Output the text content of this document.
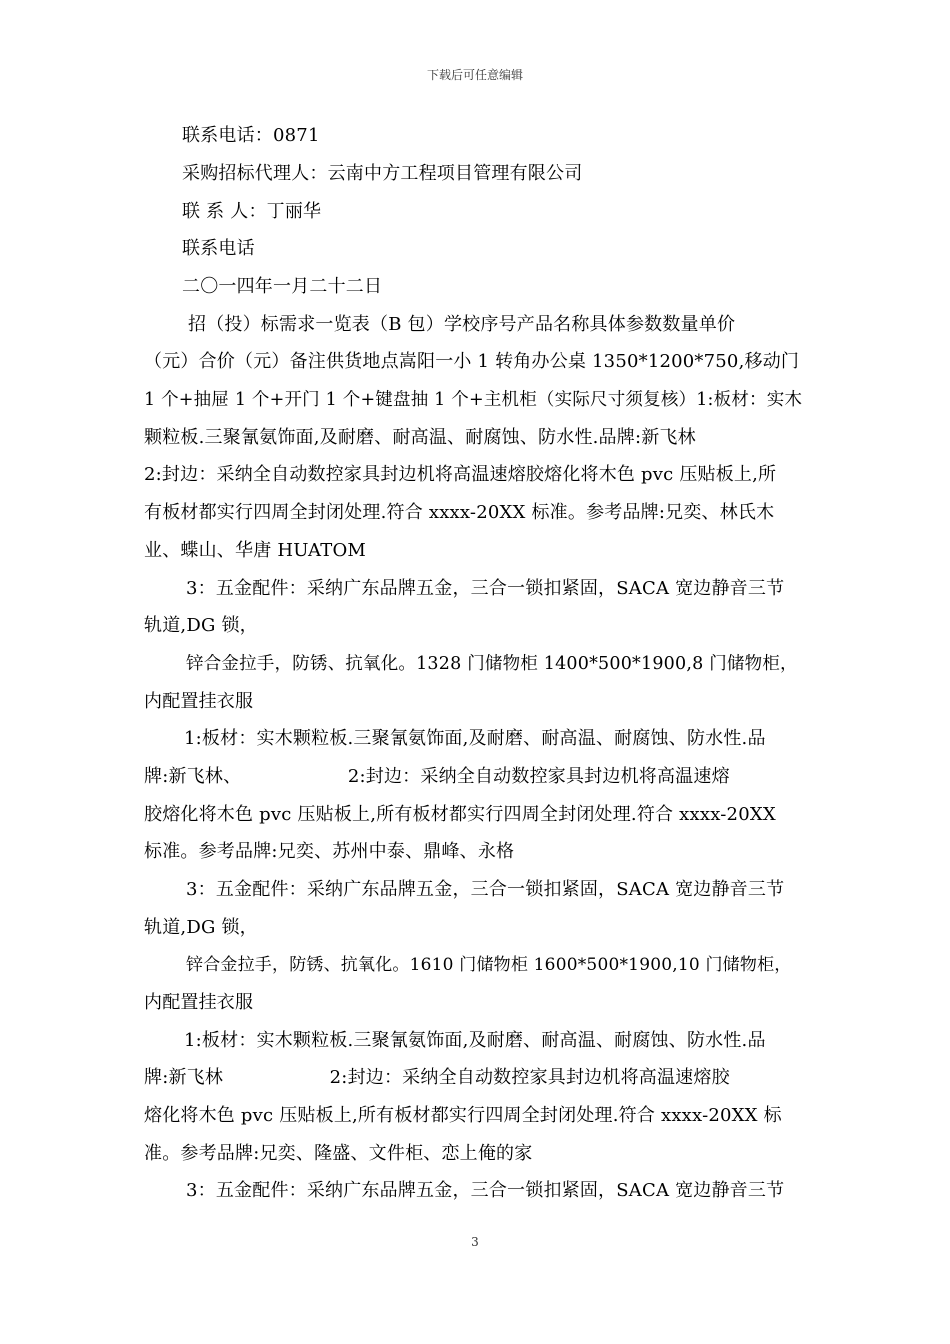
下载后可任意编辑
联系电话：0871
采购招标代理人：云南中方工程项目管理有限公司
联 系 人：丁丽华
联系电话
二〇一四年一月二十二日
招（投）标需求一览表（B 包）学校序号产品名称具体参数数量单价
（元）合价（元）备注供货地点嵩阳一小 1 转角办公桌 1350*1200*750,移动门
1 个+抽屉 1 个+开门 1 个+键盘抽 1 个+主机柜（实际尺寸须复核）1:板材：实木
颗粒板.三聚氰氨饰面,及耐磨、耐高温、耐腐蚀、防水性.品牌:新飞林
2:封边：采纳全自动数控家具封边机将高温速熔胶熔化将木色 pvc 压贴板上,所
有板材都实行四周全封闭处理.符合 xxxx-20XX 标准。参考品牌:兄奕、林氏木
业、蝶山、华唐 HUATOM
3：五金配件：采纳广东品牌五金，三合一锁扣紧固，SACA 宽边静音三节
轨道,DG 锁，
锌合金拉手，防锈、抗氧化。1328 门储物柜 1400*500*1900,8 门储物柜，
内配置挂衣服
1:板材：实木颗粒板.三聚氰氨饰面,及耐磨、耐高温、耐腐蚀、防水性.品
牌:新飞林、                  2:封边：采纳全自动数控家具封边机将高温速熔
胶熔化将木色 pvc 压贴板上,所有板材都实行四周全封闭处理.符合 xxxx-20XX
标准。参考品牌:兄奕、苏州中泰、鼎峰、永格
3：五金配件：采纳广东品牌五金，三合一锁扣紧固，SACA 宽边静音三节
轨道,DG 锁，
锌合金拉手，防锈、抗氧化。1610 门储物柜 1600*500*1900,10 门储物柜，
内配置挂衣服
1:板材：实木颗粒板.三聚氰氨饰面,及耐磨、耐高温、耐腐蚀、防水性.品
牌:新飞林                  2:封边：采纳全自动数控家具封边机将高温速熔胶
熔化将木色 pvc 压贴板上,所有板材都实行四周全封闭处理.符合 xxxx-20XX 标
准。参考品牌:兄奕、隆盛、文件柜、恋上俺的家
3：五金配件：采纳广东品牌五金，三合一锁扣紧固，SACA 宽边静音三节
3
